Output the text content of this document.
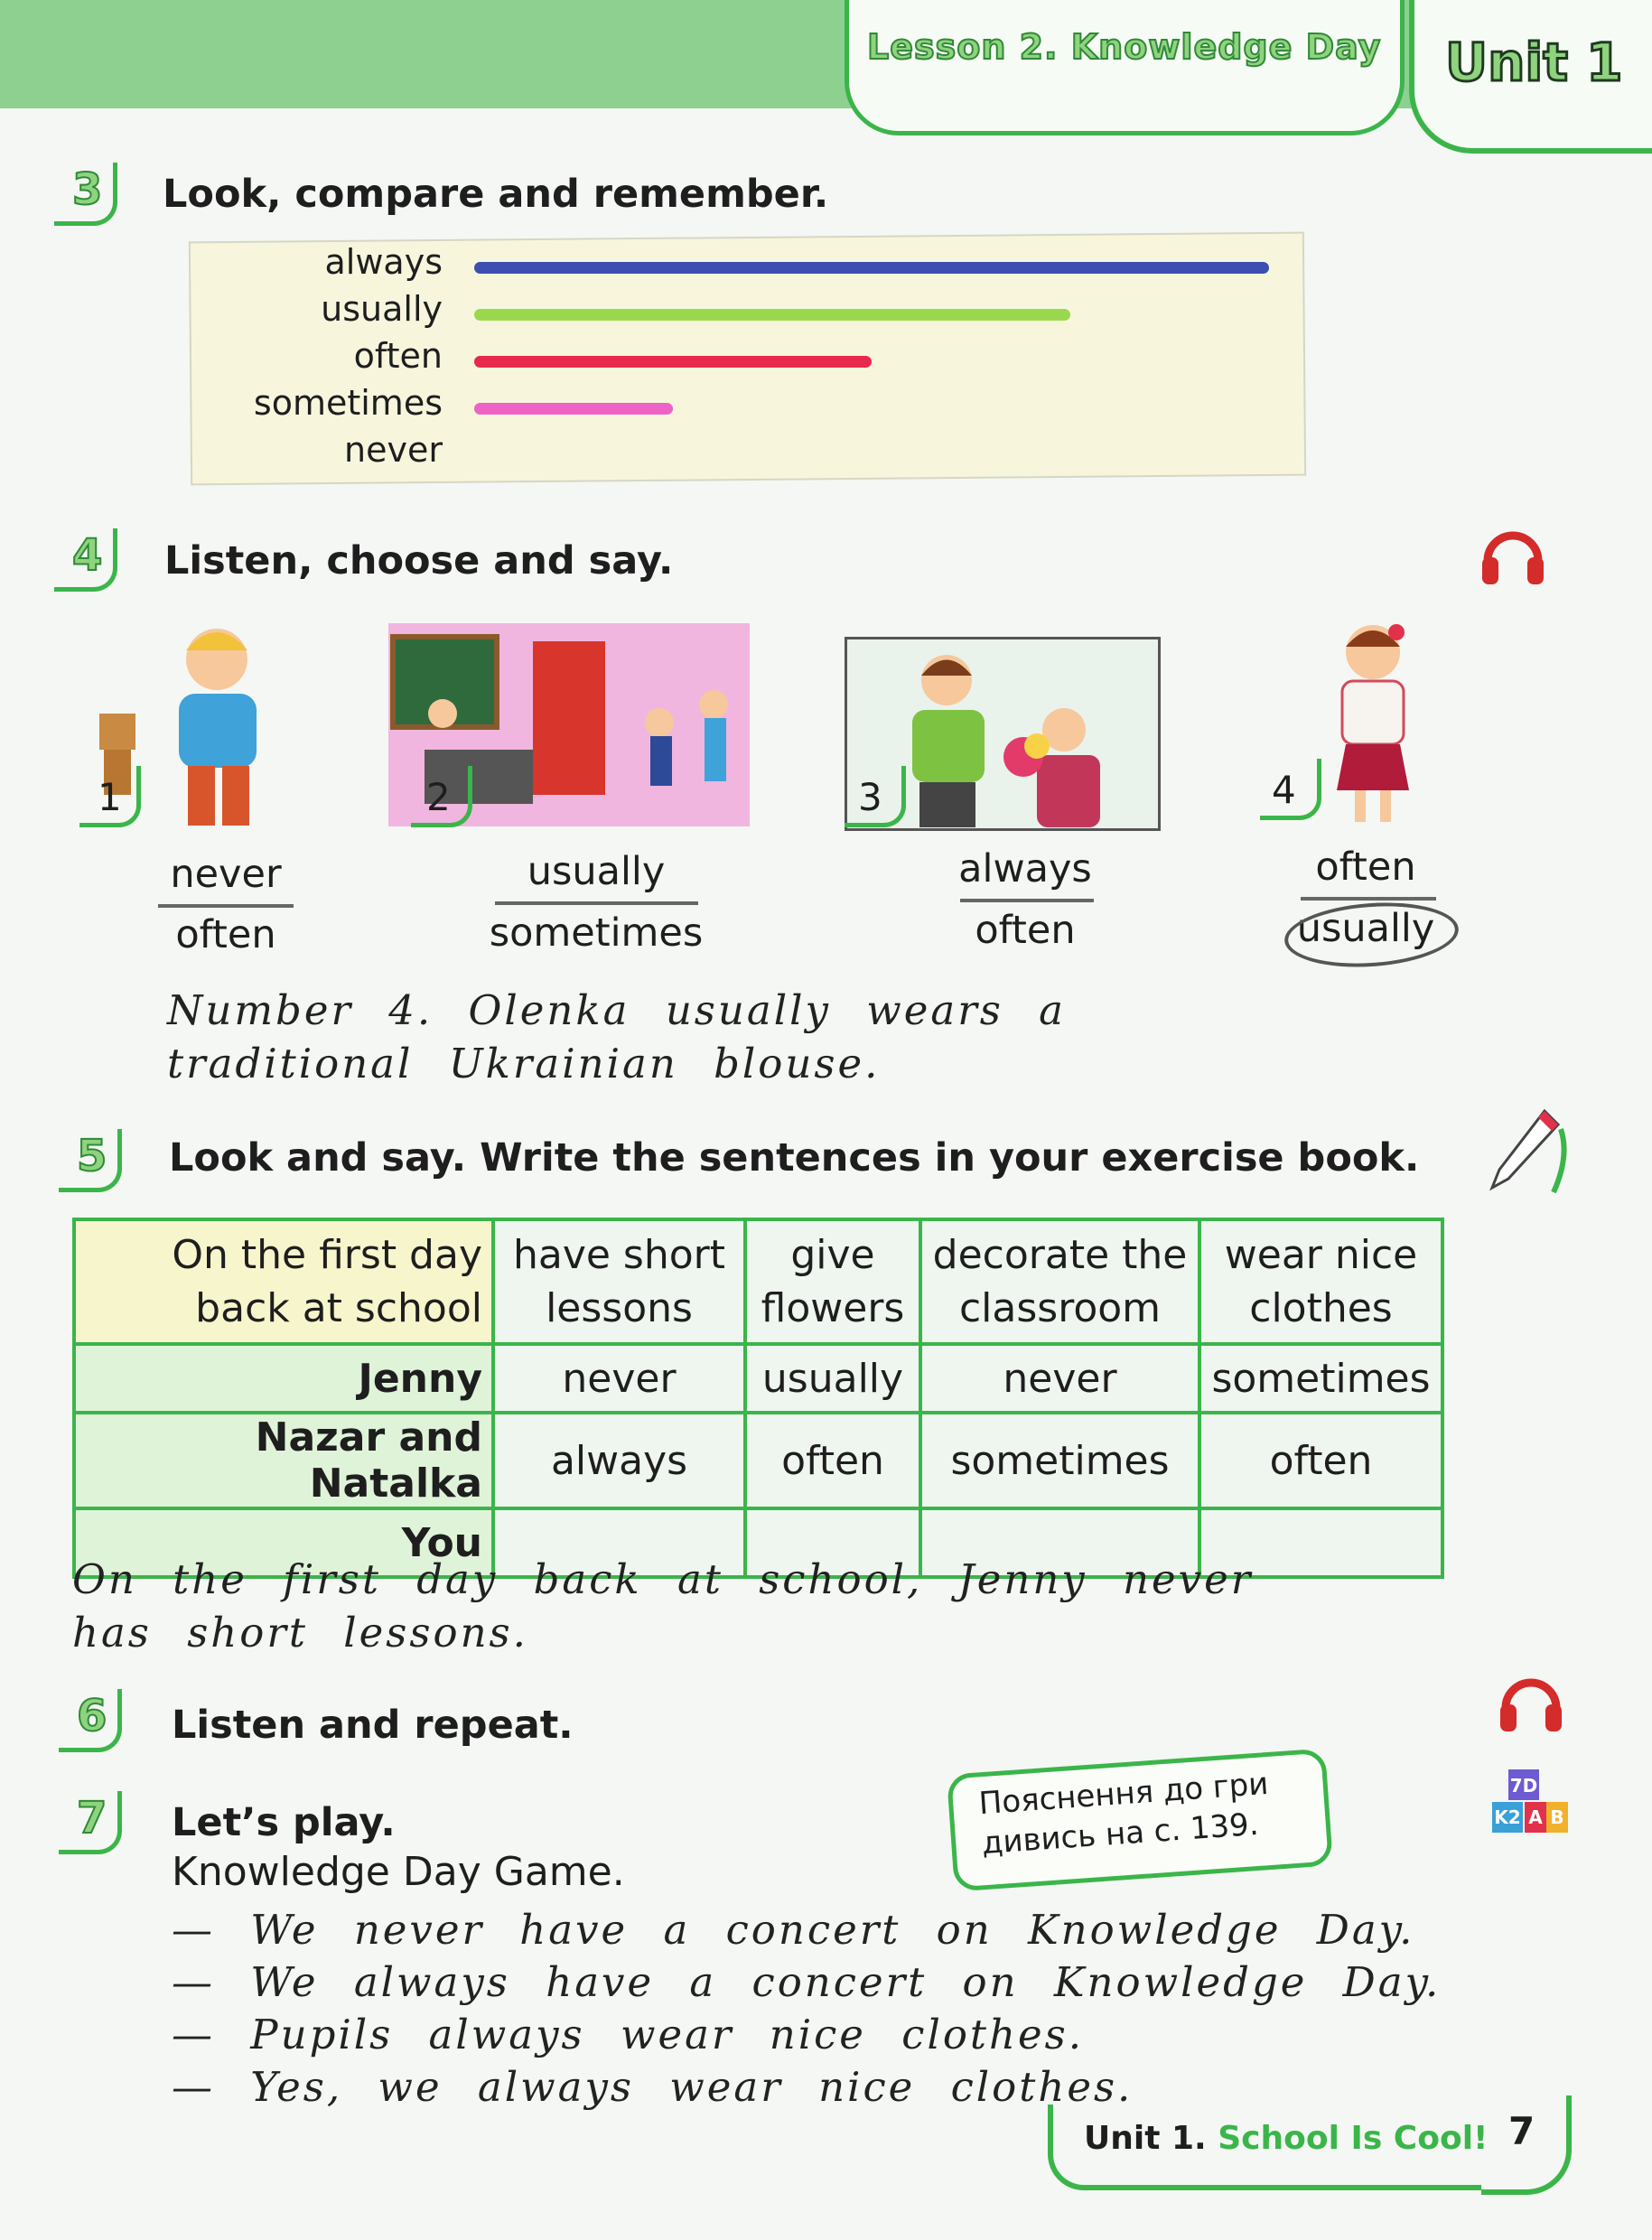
Lesson 2. Knowledge Day Unit 1
3 Look, compare and remember.
always
usually
often
sometimes
never
4 Listen, choose and say.
1	2	3	4
never
often
usually
sometimes
always
often
often
usually
Number 4. Olenka usually wears a traditional Ukrainian blouse.
5 Look and say. Write the sentences in your exercise book.
On the first day back at school	have short lessons	give flowers	decorate the classroom	wear nice clothes
Jenny	never	usually	never	sometimes
Nazar and Natalka	always	often	sometimes	often
You				
On the first day back at school, Jenny never has short lessons.
6 Listen and repeat.
7 Let’s play.
Knowledge Day Game.
Пояснення до гри дивись на с. 139.
7D
K2 A B
— We never have a concert on Knowledge Day.
— We always have a concert on Knowledge Day.
— Pupils always wear nice clothes.
— Yes, we always wear nice clothes.
Unit 1. School Is Cool! 7
